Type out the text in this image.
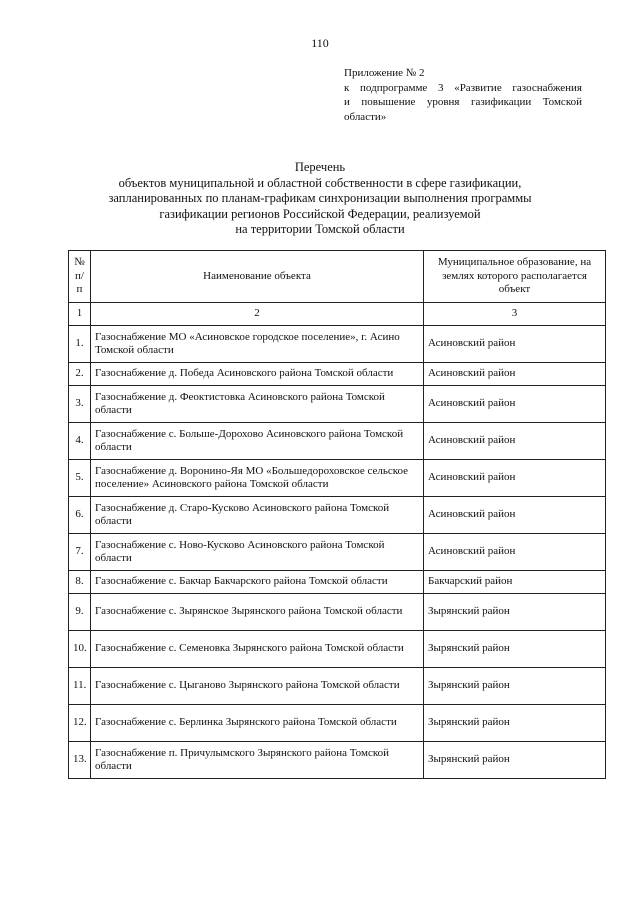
110
Приложение № 2
к подпрограмме 3 «Развитие газоснабжения
и повышение уровня газификации Томской
области»
Перечень
объектов муниципальной и областной собственности в сфере газификации,
запланированных по планам-графикам синхронизации выполнения программы
газификации регионов Российской Федерации, реализуемой
на территории Томской области
№ п/п	Наименование объекта	Муниципальное образование, на землях которого располагается объект
1	2	3
1.	Газоснабжение МО «Асиновское городское поселение», г. Асино Томской области	Асиновский район
2.	Газоснабжение д. Победа Асиновского района Томской области	Асиновский район
3.	Газоснабжение д. Феоктистовка Асиновского района Томской области	Асиновский район
4.	Газоснабжение с. Больше-Дорохово Асиновского района Томской области	Асиновский район
5.	Газоснабжение д. Воронино-Яя МО «Большедороховское сельское поселение» Асиновского района Томской области	Асиновский район
6.	Газоснабжение д. Старо-Кусково Асиновского района Томской области	Асиновский район
7.	Газоснабжение с. Ново-Кусково Асиновского района Томской области	Асиновский район
8.	Газоснабжение с. Бакчар Бакчарского района Томской области	Бакчарский район
9.	Газоснабжение с. Зырянское Зырянского района Томской области	Зырянский район
10.	Газоснабжение с. Семеновка Зырянского района Томской области	Зырянский район
11.	Газоснабжение с. Цыганово Зырянского района Томской области	Зырянский район
12.	Газоснабжение с. Берлинка Зырянского района Томской области	Зырянский район
13.	Газоснабжение п. Причулымского Зырянского района Томской области	Зырянский район
